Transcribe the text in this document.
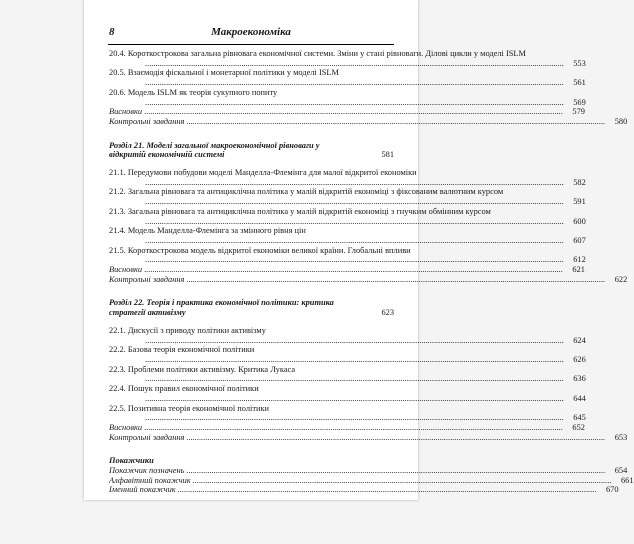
8	Макроекономіка
20.4. Короткострокова загальна рівновага економічної системи. Зміни у стані рівноваги. Ділові цикли у моделі ISLM ........................................................................................................................................................................................................	553
20.5. Взаємодія фіскальної і монетарної політики у моделі ISLM ........................................................................................................................................................................................................	561
20.6. Модель ISLM як теорія сукупного попиту ........................................................................................................................................................................................................	569
Висновки ........................................................................................................................................................................................................	579
Контрольні завдання ........................................................................................................................................................................................................	580
Розділ 21. Моделі загальної макроекономічної рівноваги у відкритій економічній системі	581
21.1. Передумови побудови моделі Манделла-Флемінга для малої відкритої економіки ........................................................................................................................................................................................................	582
21.2. Загальна рівновага та антициклічна політика у малій відкритій економіці з фіксованим валютним курсом ........................................................................................................................................................................................................	591
21.3. Загальна рівновага та антициклічна політика у малій відкритій економіці з гнучким обмінним курсом ........................................................................................................................................................................................................	600
21.4. Модель Манделла-Флемінга за змінного рівня цін ........................................................................................................................................................................................................	607
21.5. Короткострокова модель відкритої економіки великої країни. Глобальні впливи ........................................................................................................................................................................................................	612
Висновки ........................................................................................................................................................................................................	621
Контрольні завдання ........................................................................................................................................................................................................	622
Розділ 22. Теорія і практика економічної політики: критика стратегії активізму	623
22.1. Дискусії з приводу політики активізму ........................................................................................................................................................................................................	624
22.2. Базова теорія економічної політики ........................................................................................................................................................................................................	626
22.3. Проблеми політики активізму. Критика Лукаса ........................................................................................................................................................................................................	636
22.4. Пошук правил економічної політики ........................................................................................................................................................................................................	644
22.5. Позитивна теорія економічної політики ........................................................................................................................................................................................................	645
Висновки ........................................................................................................................................................................................................	652
Контрольні завдання ........................................................................................................................................................................................................	653
Покажчики
Покажчик позначень ........................................................................................................................................................................................................	654
Алфавітний покажчик ........................................................................................................................................................................................................	661
Іменний покажчик ........................................................................................................................................................................................................	670
